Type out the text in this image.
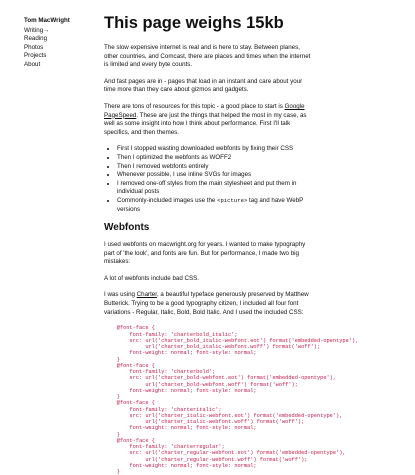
Tom MacWright
Writing→
Reading
Photos
Projects
About
This page weighs 15kb

The slow expensive internet is real and is here to stay. Between planes, other countries, and Comcast, there are places and times when the internet is limited and every byte counts.

And fast pages are in - pages that load in an instant and care about your time more than they care about gizmos and gadgets.

There are tons of resources for this topic - a good place to start is Google PageSpeed. These are just the things that helped the most in my case, as well as some insight into how I think about performance. First I'll talk specifics, and then themes.

• First I stopped wasting downloaded webfonts by fixing their CSS
• Then I optimized the webfonts as WOFF2
• Then I removed webfonts entirely
• Whenever possible, I use inline SVGs for images
• I removed one-off styles from the main stylesheet and put them in individual posts
• Commonly-included images use the <picture> tag and have WebP versions
Webfonts

I used webfonts on macwright.org for years. I wanted to make typography part of 'the look', and fonts are fun. But for performance, I made two big mistakes:

A lot of webfonts include bad CSS.

I was using Charter, a beautiful typeface generously preserved by Matthew Butterick. Trying to be a good typography citizen, I included all four font variations - Regular, Italic, Bold, Bold Italic. And I used the included CSS:

@font-face {
font-family: 'charterbold_italic';
src: url('charter_bold_italic-webfont.eot') format('embedded-opentype'),
url('charter_bold_italic-webfont.woff') format('woff');
font-weight: normal; font-style: normal;
}
@font-face {
font-family: 'charterbold';
src: url('charter_bold-webfont.eot') format('embedded-opentype'),
url('charter_bold-webfont.woff') format('woff');
font-weight: normal; font-style: normal;
}
@font-face {
font-family: 'charteritalic';
src: url('charter_italic-webfont.eot') format('embedded-opentype'),
url('charter_italic-webfont.woff') format('woff');
font-weight: normal; font-style: normal;
}
@font-face {
font-family: 'charterregular';
src: url('charter_regular-webfont.eot') format('embedded-opentype'),
url('charter_regular-webfont.woff') format('woff');
font-weight: normal; font-style: normal;
}
